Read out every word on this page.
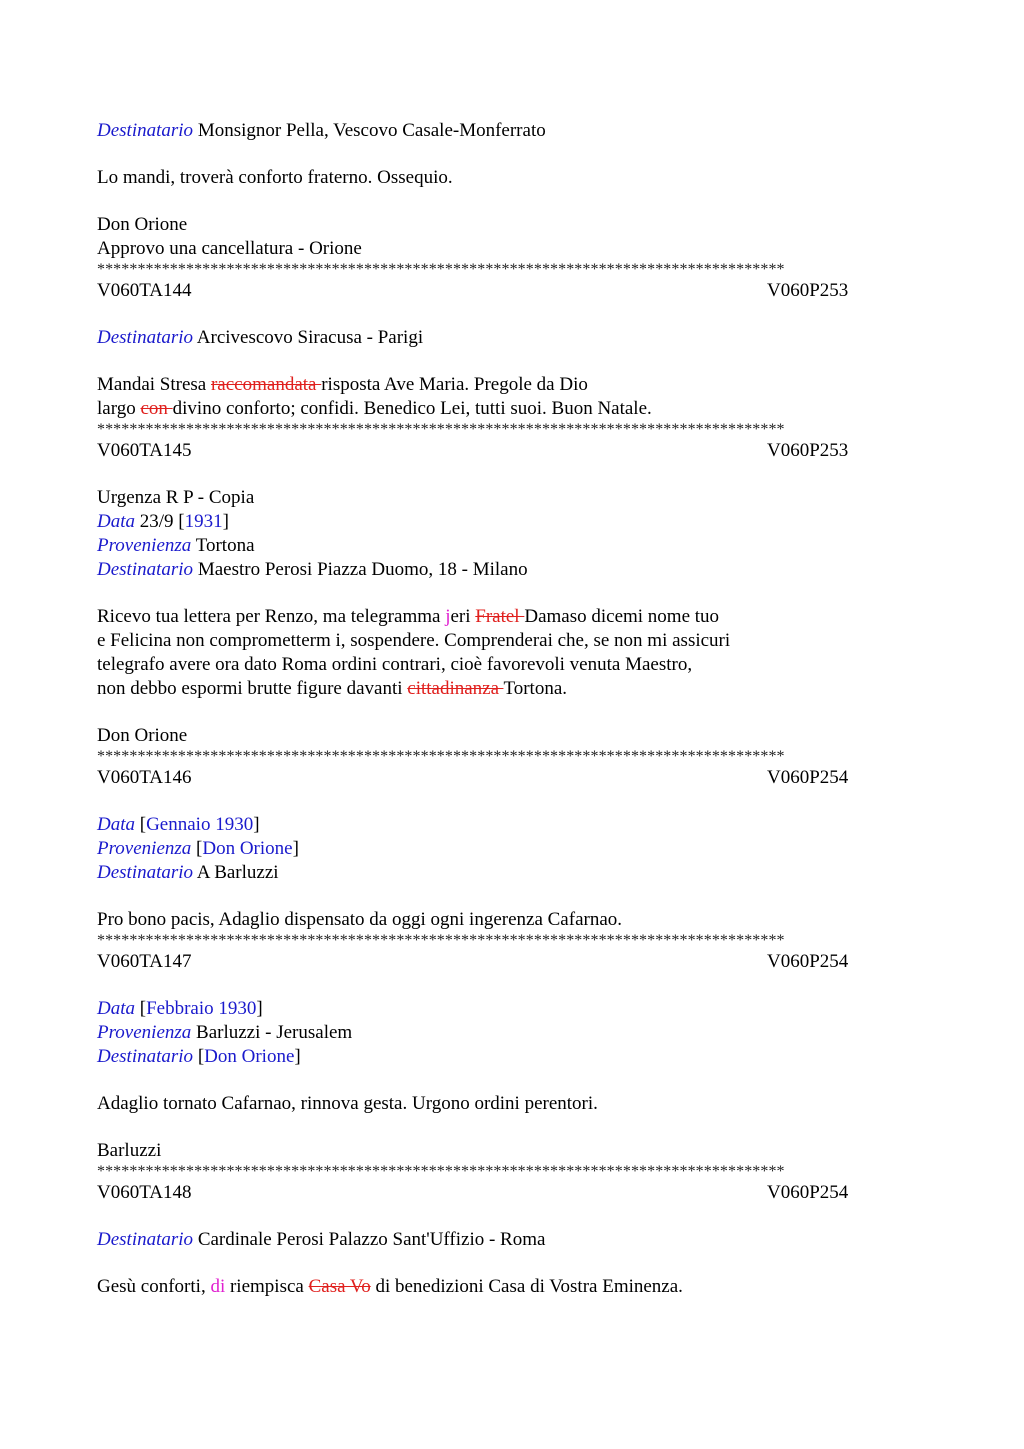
Destinatario Monsignor Pella, Vescovo Casale-Monferrato
Lo mandi, troverà conforto fraterno. Ossequio.
Don Orione
Approvo una cancellatura - Orione
*************************************************************************************
V060TA144	V060P253
Destinatario Arcivescovo Siracusa - Parigi
Mandai Stresa raccomandata risposta Ave Maria. Pregole da Dio
largo con divino conforto; confidi. Benedico Lei, tutti suoi. Buon Natale.
*************************************************************************************
V060TA145	V060P253
Urgenza R P - Copia
Data 23/9 [1931]
Provenienza Tortona
Destinatario Maestro Perosi Piazza Duomo, 18 - Milano
Ricevo tua lettera per Renzo, ma telegramma jeri Fratel Damaso dicemi nome tuo
e Felicina non comprometterm i, sospendere. Comprenderai che, se non mi assicuri
telegrafo avere ora dato Roma ordini contrari, cioè favorevoli venuta Maestro,
non debbo espormi brutte figure davanti cittadinanza Tortona.
Don Orione
*************************************************************************************
V060TA146	V060P254
Data [Gennaio 1930]
Provenienza [Don Orione]
Destinatario A Barluzzi
Pro bono pacis, Adaglio dispensato da oggi ogni ingerenza Cafarnao.
*************************************************************************************
V060TA147	V060P254
Data [Febbraio 1930]
Provenienza Barluzzi - Jerusalem
Destinatario [Don Orione]
Adaglio tornato Cafarnao, rinnova gesta. Urgono ordini perentori.
Barluzzi
*************************************************************************************
V060TA148	V060P254
Destinatario Cardinale Perosi Palazzo Sant'Uffizio - Roma
Gesù conforti, di riempisca Casa Vo di benedizioni Casa di Vostra Eminenza.
